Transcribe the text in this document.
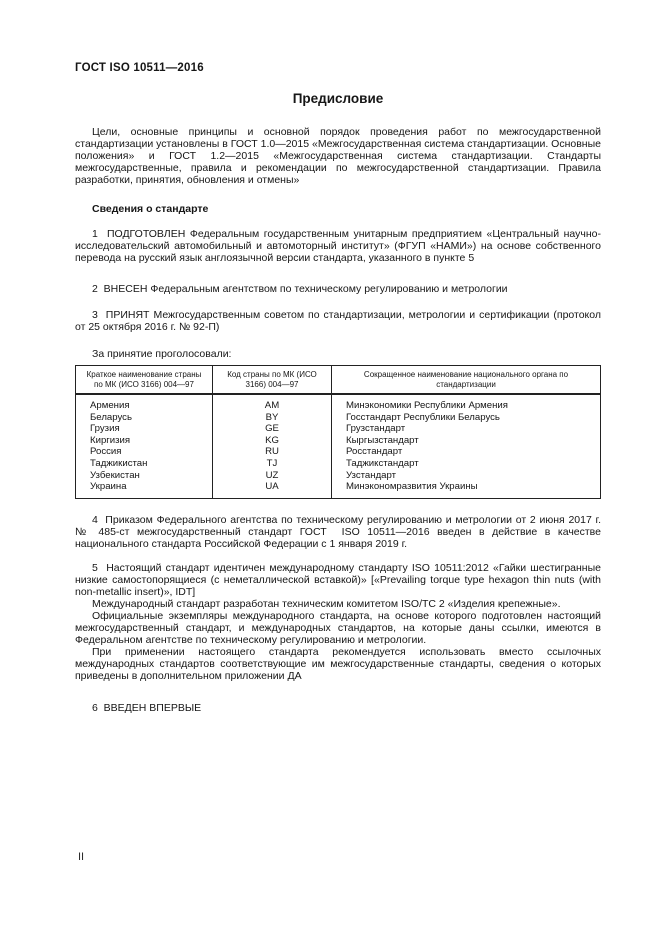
ГОСТ ISO 10511—2016
Предисловие

Цели, основные принципы и основной порядок проведения работ по межгосударственной стандартизации установлены в ГОСТ 1.0—2015 «Межгосударственная система стандартизации. Основные положения» и ГОСТ 1.2—2015 «Межгосударственная система стандартизации. Стандарты межгосударственные, правила и рекомендации по межгосударственной стандартизации. Правила разработки, принятия, обновления и отмены»

Сведения о стандарте

1  ПОДГОТОВЛЕН Федеральным государственным унитарным предприятием «Центральный научно-исследовательский автомобильный и автомоторный институт» (ФГУП «НАМИ») на основе собственного перевода на русский язык англоязычной версии стандарта, указанного в пункте 5

2  ВНЕСЕН Федеральным агентством по техническому регулированию и метрологии

3  ПРИНЯТ Межгосударственным советом по стандартизации, метрологии и сертификации (протокол от 25 октября 2016 г. № 92-П)

За принятие проголосовали:

Краткое наименование страны по МК (ИСО 3166) 004—97	Код страны по МК (ИСО 3166) 004—97	Сокращенное наименование национального органа по стандартизации
Армения	AM	Минэкономики Республики Армения
Беларусь	BY	Госстандарт Республики Беларусь
Грузия	GE	Грузстандарт
Киргизия	KG	Кыргызстандарт
Россия	RU	Росстандарт
Таджикистан	TJ	Таджикстандарт
Узбекистан	UZ	Узстандарт
Украина	UA	Минэкономразвития Украины

4  Приказом Федерального агентства по техническому регулированию и метрологии от 2 июня 2017 г. № 485-ст межгосударственный стандарт ГОСТ  ISO 10511—2016 введен в действие в качестве национального стандарта Российской Федерации с 1 января 2019 г.

5  Настоящий стандарт идентичен международному стандарту ISO 10511:2012 «Гайки шестигранные низкие самостопорящиеся (с неметаллической вставкой)» [«Prevailing torque type hexagon thin nuts (with non-metallic insert)», IDT]

Международный стандарт разработан техническим комитетом ISO/ТС 2 «Изделия крепежные».

Официальные экземпляры международного стандарта, на основе которого подготовлен настоящий межгосударственный стандарт, и международных стандартов, на которые даны ссылки, имеются в Федеральном агентстве по техническому регулированию и метрологии.

При применении настоящего стандарта рекомендуется использовать вместо ссылочных международных стандартов соответствующие им межгосударственные стандарты, сведения о которых приведены в дополнительном приложении ДА

6  ВВЕДЕН ВПЕРВЫЕ

II
